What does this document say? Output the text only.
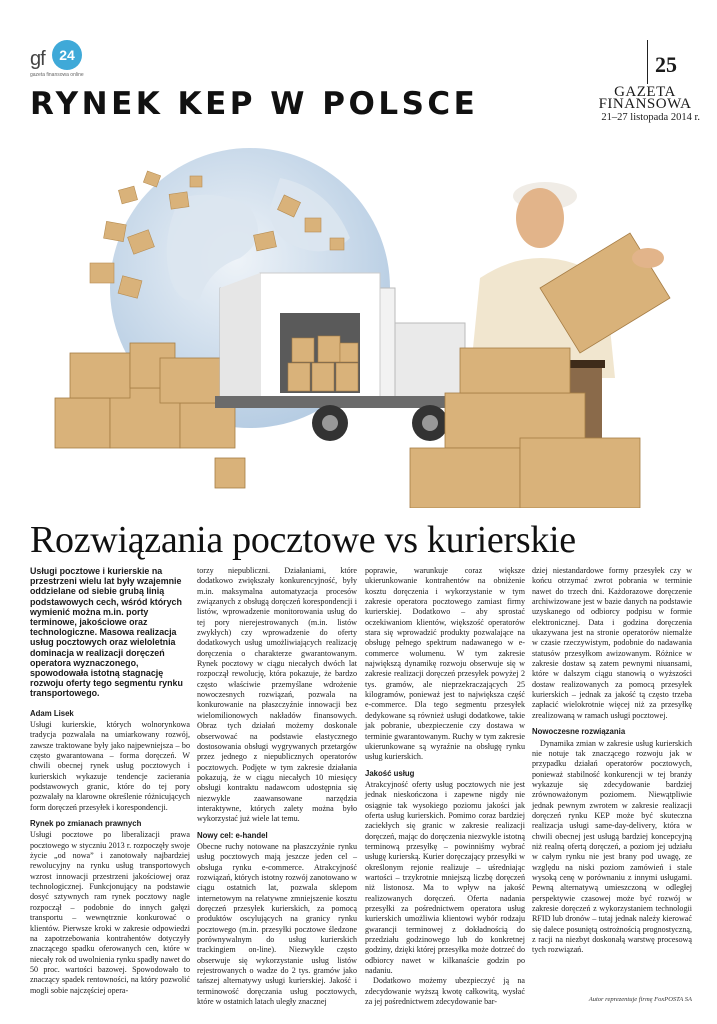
gf	24
gazeta finansowa online	25
RYNEK KEP W POLSCE	GAZETA
FINANSOWA
21–27 listopada 2014 r.
Rozwiązania pocztowe vs kurierskie
Usługi pocztowe i kurierskie na przestrzeni wielu lat były wzajemnie oddzielane od siebie grubą linią podstawowych cech, wśród których wymienić można m.in. porty terminowe, jakościowe oraz technologiczne. Masowa realizacja usług pocztowych oraz wieloletnia dominacja w realizacji doręczeń operatora wyznaczonego, spowodowała istotną stagnację rozwoju oferty tego segmentu rynku transportowego.
Adam Lisek

Usługi kurierskie, których wolnorynkowa tradycja pozwalała na umiarkowany rozwój, zawsze traktowane były jako najpewniejsza – bo często gwarantowana – forma doręczeń. W chwili obecnej rynek usług pocztowych i kurierskich wykazuje tendencje zacierania podstawowych granic, które do tej pory pozwalały na klarowne określenie różnicujących form doręczeń przesyłek i korespondencji.

Rynek po zmianach prawnych

Usługi pocztowe po liberalizacji prawa pocztowego w styczniu 2013 r. rozpoczęły swoje życie „od nowa” i zanotowały najbardziej rewolucyjny na rynku usług transportowych wzrost innowacji przestrzeni jakościowej oraz technologicznej. Funkcjonujący na podstawie dosyć sztywnych ram rynek pocztowy nagle rozpoczął – podobnie do innych gałęzi transportu – wewnętrznie konkurować o klientów. Pierwsze kroki w zakresie odpowiedzi na zapotrzebowania kontrahentów dotyczyły znaczącego spadku oferowanych cen, które w niecały rok od uwolnienia rynku spadły nawet do 50 proc. wartości bazowej. Spowodowało to znaczący spadek rentowności, na który pozwolić mogli sobie najczęściej opera-

torzy niepubliczni. Działaniami, które dodatkowo zwiększały konkurencyjność, były m.in. maksymalna automatyzacja procesów związanych z obsługą doręczeń korespondencji i listów, wprowadzenie monitorowania usług do tej pory nierejestrowanych (m.in. listów zwykłych) czy wprowadzenie do oferty dodatkowych usług umożliwiających realizację doręczenia o charakterze gwarantowanym. Rynek pocztowy w ciągu niecałych dwóch lat rozpoczął rewolucję, która pokazuje, że bardzo często właściwie przemyślane wdrożenie nowoczesnych rozwiązań, pozwala na konkurowanie na płaszczyźnie innowacji bez wielomilionowych nakładów finansowych. Obraz tych działań możemy doskonale obserwować na podstawie elastycznego dostosowania obsługi wygrywanych przetargów przez jednego z niepublicznych operatorów pocztowych. Podjęte w tym zakresie działania pokazują, że w ciągu niecałych 10 miesięcy obsługi kontraktu nadawcom udostępnia się niezwykle zaawansowane narzędzia interaktywne, których zalety można było wykorzystać już wiele lat temu.

Nowy cel: e-handel

Obecne ruchy notowane na płaszczyźnie rynku usług pocztowych mają jeszcze jeden cel – obsługa rynku e-commerce. Atrakcyjność rozwiązań, których istotny rozwój zanotowano w ciągu ostatnich lat, pozwala sklepom internetowym na relatywne zmniejszenie kosztu doręczeń przesyłek kurierskich, za pomocą produktów oscylujących na granicy rynku pocztowego (m.in. przesyłki pocztowe śledzone porównywalnym do usług kurierskich trackingiem on-line). Niezwykle często obserwuje się wykorzystanie usług listów rejestrowanych o wadze do 2 tys. gramów jako tańszej alternatywy usługi kurierskiej. Jakość i terminowość doręczania usług pocztowych, które w ostatnich latach uległy znacznej

poprawie, warunkuje coraz większe ukierunkowanie kontrahentów na obniżenie kosztu doręczenia i wykorzystanie w tym zakresie operatora pocztowego zamiast firmy kurierskiej. Dodatkowo – aby sprostać oczekiwaniom klientów, większość operatorów stara się wprowadzić produkty pozwalające na obsługę pełnego spektrum nadawanego w e-commerce wolumenu. W tym zakresie największą dynamikę rozwoju obserwuje się w zakresie realizacji doręczeń przesyłek powyżej 2 tys. gramów, ale nieprzekraczających 25 kilogramów, ponieważ jest to największa część e-commerce. Dla tego segmentu przesyłek dedykowane są również usługi dodatkowe, takie jak pobranie, ubezpieczenie czy dostawa w terminie gwarantowanym. Ruchy w tym zakresie ukierunkowane są wyraźnie na obsługę rynku usług kurierskich.

Jakość usług

Atrakcyjność oferty usług pocztowych nie jest jednak nieskończona i zapewne nigdy nie osiągnie tak wysokiego poziomu jakości jak oferta usług kurierskich. Pomimo coraz bardziej zaciekłych się granic w zakresie realizacji doręczeń, mając do doręczenia niezwykle istotną terminową przesyłkę – powinniśmy wybrać usługę kurierską. Kurier doręczający przesyłki w określonym rejonie realizuje – uśredniając wartości – trzykrotnie mniejszą liczbę doręczeń niż listonosz. Ma to wpływ na jakość realizowanych doręczeń. Oferta nadania przesyłki za pośrednictwem operatora usług kurierskich umożliwia klientowi wybór rodzaju gwarancji terminowej z dokładnością do przedziału godzinowego lub do konkretnej godziny, dzięki której przesyłka może dotrzeć do odbiorcy nawet w kilkanaście godzin po nadaniu.

Dodatkowo możemy ubezpieczyć ją na zdecydowanie wyższą kwotę całkowitą, wysłać za jej pośrednictwem zdecydowanie bar-

dziej niestandardowe formy przesyłek czy w końcu otrzymać zwrot pobrania w terminie nawet do trzech dni. Każdorazowe doręczenie archiwizowane jest w bazie danych na podstawie uzyskanego od odbiorcy podpisu w formie elektronicznej. Data i godzina doręczenia ukazywana jest na stronie operatorów niemalże w czasie rzeczywistym, podobnie do nadawania statusów przesyłkom awizowanym. Różnice w zakresie dostaw są zatem pewnymi niuansami, które w dalszym ciągu stanowią o wyższości dostaw realizowanych za pomocą przesyłek kurierskich – jednak za jakość tą często trzeba zapłacić wielokrotnie więcej niż za przesyłkę zrealizowaną w ramach usługi pocztowej.

Nowoczesne rozwiązania

Dynamika zmian w zakresie usług kurierskich nie notuje tak znaczącego rozwoju jak w przypadku działań operatorów pocztowych, ponieważ stabilność konkurencji w tej branży wykazuje się zdecydowanie bardziej zrównoważonym poziomem. Niewątpliwie jednak pewnym zwrotem w zakresie realizacji doręczeń rynku KEP może być skuteczna realizacja usługi same-day-delivery, która w chwili obecnej jest usługą bardziej koncepcyjną niż realną ofertą doręczeń, a poziom jej udziału w całym rynku nie jest brany pod uwagę, ze względu na niski poziom zamówień i stale wysoką cenę w porównaniu z innymi usługami. Pewną alternatywą umieszczoną w odległej perspektywie czasowej może być rozwój w zakresie doręczeń z wykorzystaniem technologii RFID lub dronów – tutaj jednak należy kierować się dalece posuniętą ostrożnością prognostyczną, z racji na niezbyt doskonałą warstwę procesową tych rozwiązań.

Autor reprezentuje firmę FoxPOSTA SA
